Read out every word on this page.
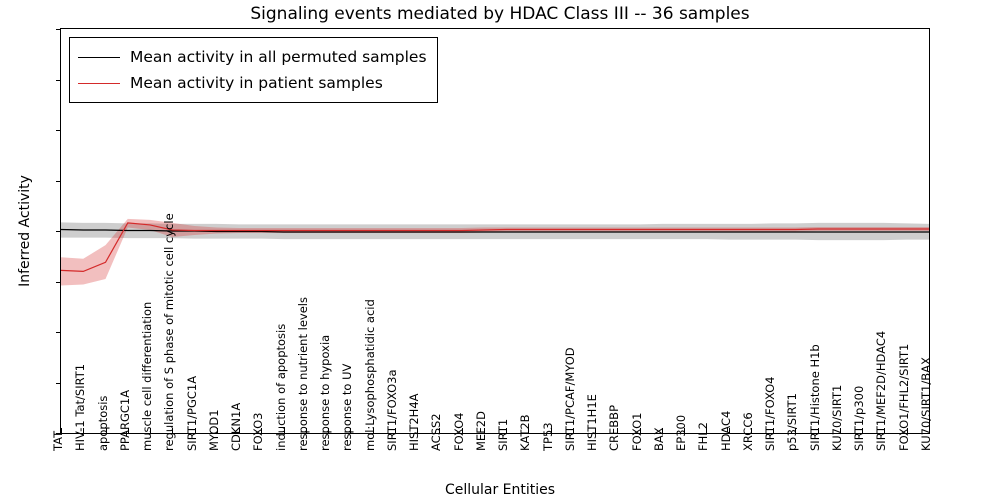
Signaling events mediated by HDAC Class III -- 36 samples
Inferred Activity
TAT HIV-1 Tat/SIRT1 apoptosis PPARGC1A muscle cell differentiation regulation of S phase of mitotic cell cycle SIRT1/PGC1A MYOD1 CDKN1A FOXO3 induction of apoptosis response to nutrient levels response to hypoxia response to UV mol:Lysophosphatidic acid SIRT1/FOXO3a HIST2H4A ACSS2 FOXO4 MEF2D SIRT1 KAT2B TP53 SIRT1/PCAF/MYOD HIST1H1E CREBBP FOXO1 BAX EP300 FHL2 HDAC4 XRCC6 SIRT1/FOXO4 p53/SIRT1 SIRT1/Histone H1b KU70/SIRT1 SIRT1/p300 SIRT1/MEF2D/HDAC4 FOXO1/FHL2/SIRT1 KU70/SIRT1/BAX
Mean activity in all permuted samples
Mean activity in patient samples
Cellular Entities
